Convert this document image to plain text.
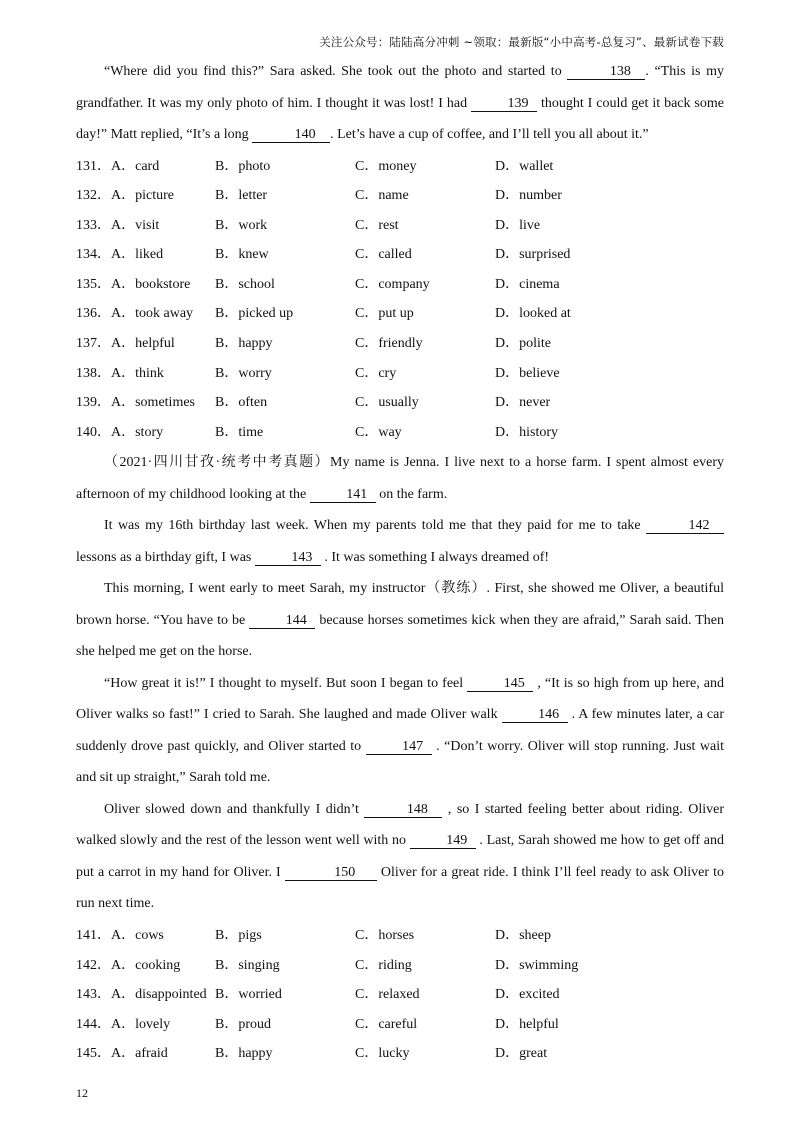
关注公众号：陆陆高分冲刺 ~领取：最新版“小中高考-总复习”、最新试卷下载

“Where did you find this?” Sara asked. She took out the photo and started to	138 . “This is my grandfather. It was my only photo of him. I thought it was lost! I had	139 thought I could get it back some day!” Matt replied, “It’s a long	140 . Let’s have a cup of coffee, and I’ll tell you all about it.”

131．A．card	B．photo	C．money	D．wallet
132．A．picture	B．letter	C．name	D．number
133．A．visit	B．work	C．rest	D．live
134．A．liked	B．knew	C．called	D．surprised
135．A．bookstore	B．school	C．company	D．cinema
136．A．took away	B．picked up	C．put up	D．looked at
137．A．helpful	B．happy	C．friendly	D．polite
138．A．think	B．worry	C．cry	D．believe
139．A．sometimes	B．often	C．usually	D．never
140．A．story	B．time	C．way	D．history

（2021·四川甘孜·统考中考真题）My name is Jenna. I live next to a horse farm. I spent almost every afternoon of my childhood looking at the	141 on the farm.

It was my 16th birthday last week. When my parents told me that they paid for me to take	142 lessons as a birthday gift, I was	143 . It was something I always dreamed of!

This morning, I went early to meet Sarah, my instructor（教练）. First, she showed me Oliver, a beautiful brown horse. “You have to be	144 because horses sometimes kick when they are afraid,” Sarah said. Then she helped me get on the horse.

“How great it is!” I thought to myself. But soon I began to feel	145 , “It is so high from up here, and Oliver walks so fast!” I cried to Sarah. She laughed and made Oliver walk	146 . A few minutes later, a car suddenly drove past quickly, and Oliver started to	147 . “Don’t worry. Oliver will stop running. Just wait and sit up straight,” Sarah told me.

Oliver slowed down and thankfully I didn’t	148 , so I started feeling better about riding. Oliver walked slowly and the rest of the lesson went well with no	149 . Last, Sarah showed me how to get off and put a carrot in my hand for Oliver. I	150 Oliver for a great ride. I think I’ll feel ready to ask Oliver to run next time.

141．A．cows	B．pigs	C．horses	D．sheep
142．A．cooking	B．singing	C．riding	D．swimming
143．A．disappointed B．worried	C．relaxed	D．excited
144．A．lovely	B．proud	C．careful	D．helpful
145．A．afraid	B．happy	C．lucky	D．great
12
